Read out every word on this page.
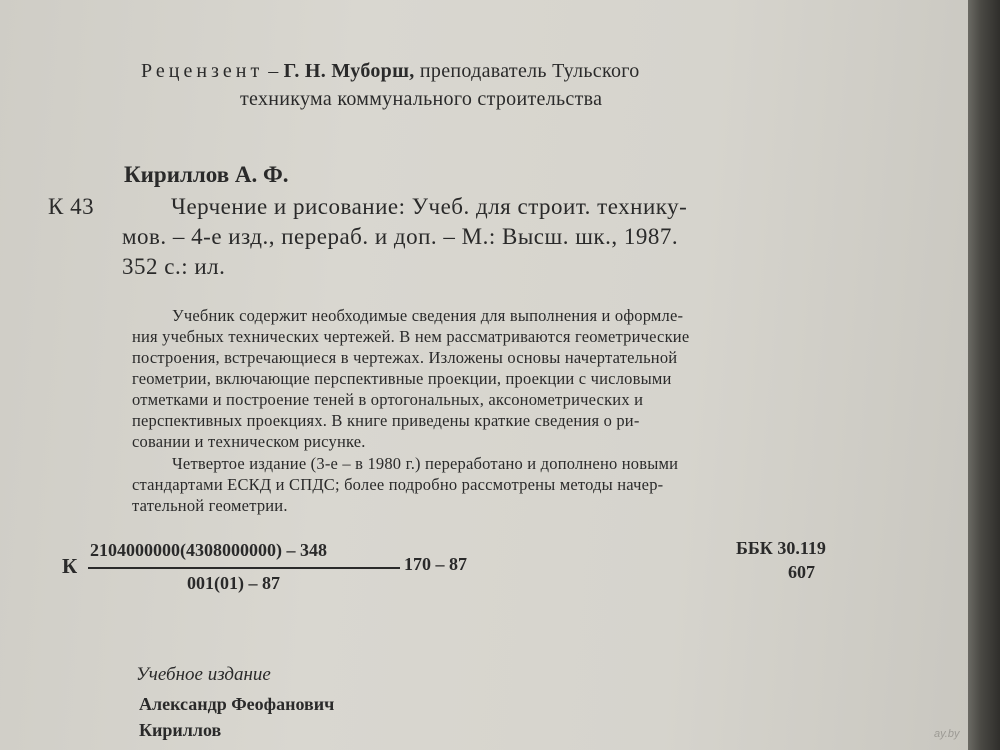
Рецензент – Г. Н. Муборш, преподаватель Тульского
техникума коммунального строительства
Кириллов А. Ф.
К 43	Черчение и рисование: Учеб. для строит. технику-
мов. – 4-е изд., перераб. и доп. – М.: Высш. шк., 1987.
352 с.: ил.
Учебник содержит необходимые сведения для выполнения и оформле-
ния учебных технических чертежей. В нем рассматриваются геометрические
построения, встречающиеся в чертежах. Изложены основы начертательной
геометрии, включающие перспективные проекции, проекции с числовыми
отметками и построение теней в ортогональных, аксонометрических и
перспективных проекциях. В книге приведены краткие сведения о ри-
совании и техническом рисунке.
Четвертое издание (3-е – в 1980 г.) переработано и дополнено новыми
стандартами ЕСКД и СПДС; более подробно рассмотрены методы начер-
тательной геометрии.
К
2104000000(4308000000) – 348
001(01) – 87
170 – 87
ББК 30.119
607
Учебное издание
Александр Феофанович
Кириллов	ay.by
